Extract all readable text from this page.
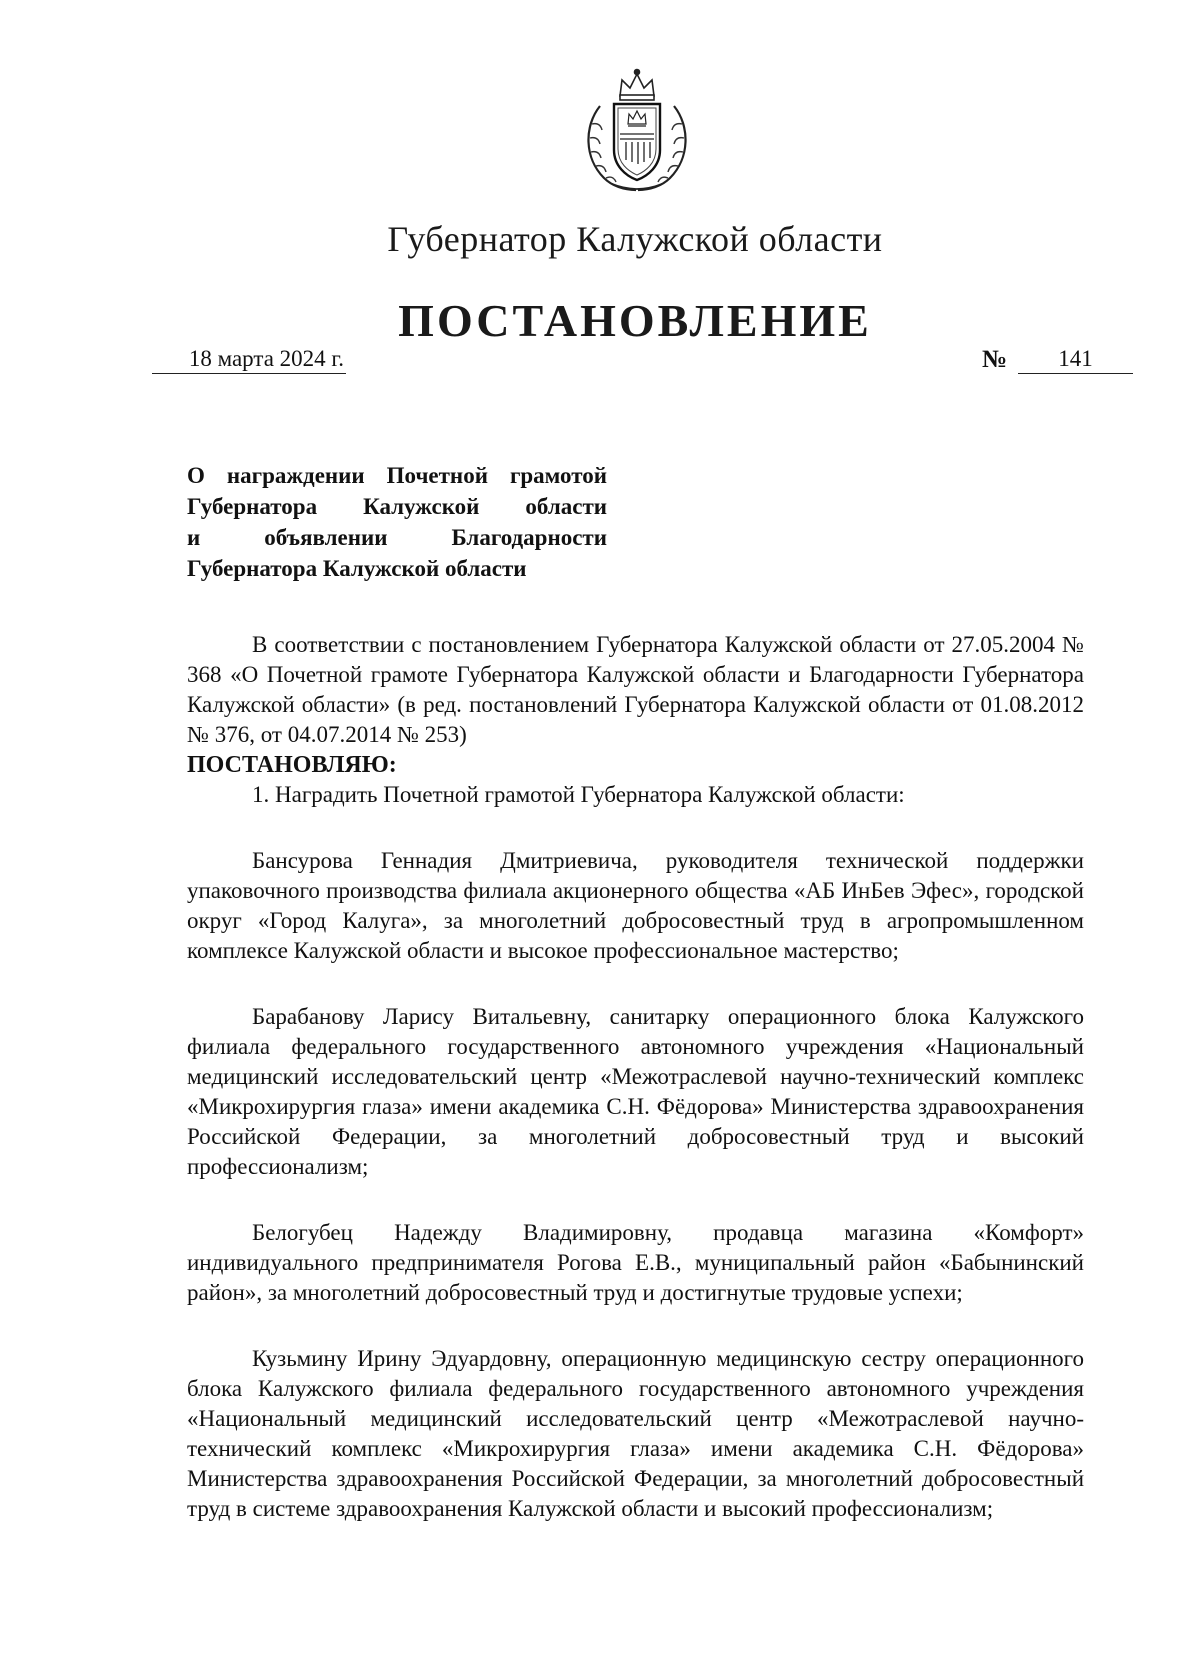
Губернатор Калужской области
ПОСТАНОВЛЕНИЕ
18 марта 2024 г.	№	141
О награждении Почетной грамотой
Губернатора Калужской области
и объявлении Благодарности
Губернатора Калужской области

В соответствии с постановлением Губернатора Калужской области от 27.05.2004 № 368 «О Почетной грамоте Губернатора Калужской области и Благодарности Губернатора Калужской области» (в ред. постановлений Губернатора Калужской области от 01.08.2012 № 376, от 04.07.2014 № 253)

ПОСТАНОВЛЯЮ:

1. Наградить Почетной грамотой Губернатора Калужской области:

Бансурова Геннадия Дмитриевича, руководителя технической поддержки упаковочного производства филиала акционерного общества «АБ ИнБев Эфес», городской округ «Город Калуга», за многолетний добросовестный труд в агропромышленном комплексе Калужской области и высокое профессиональное мастерство;

Барабанову Ларису Витальевну, санитарку операционного блока Калужского филиала федерального государственного автономного учреждения «Национальный медицинский исследовательский центр «Межотраслевой научно-технический комплекс «Микрохирургия глаза» имени академика С.Н. Фёдорова» Министерства здравоохранения Российской Федерации, за многолетний добросовестный труд и высокий профессионализм;

Белогубец Надежду Владимировну, продавца магазина «Комфорт» индивидуального предпринимателя Рогова Е.В., муниципальный район «Бабынинский район», за многолетний добросовестный труд и достигнутые трудовые успехи;

Кузьмину Ирину Эдуардовну, операционную медицинскую сестру операционного блока Калужского филиала федерального государственного автономного учреждения «Национальный медицинский исследовательский центр «Межотраслевой научно-технический комплекс «Микрохирургия глаза» имени академика С.Н. Фёдорова» Министерства здравоохранения Российской Федерации, за многолетний добросовестный труд в системе здравоохранения Калужской области и высокий профессионализм;
